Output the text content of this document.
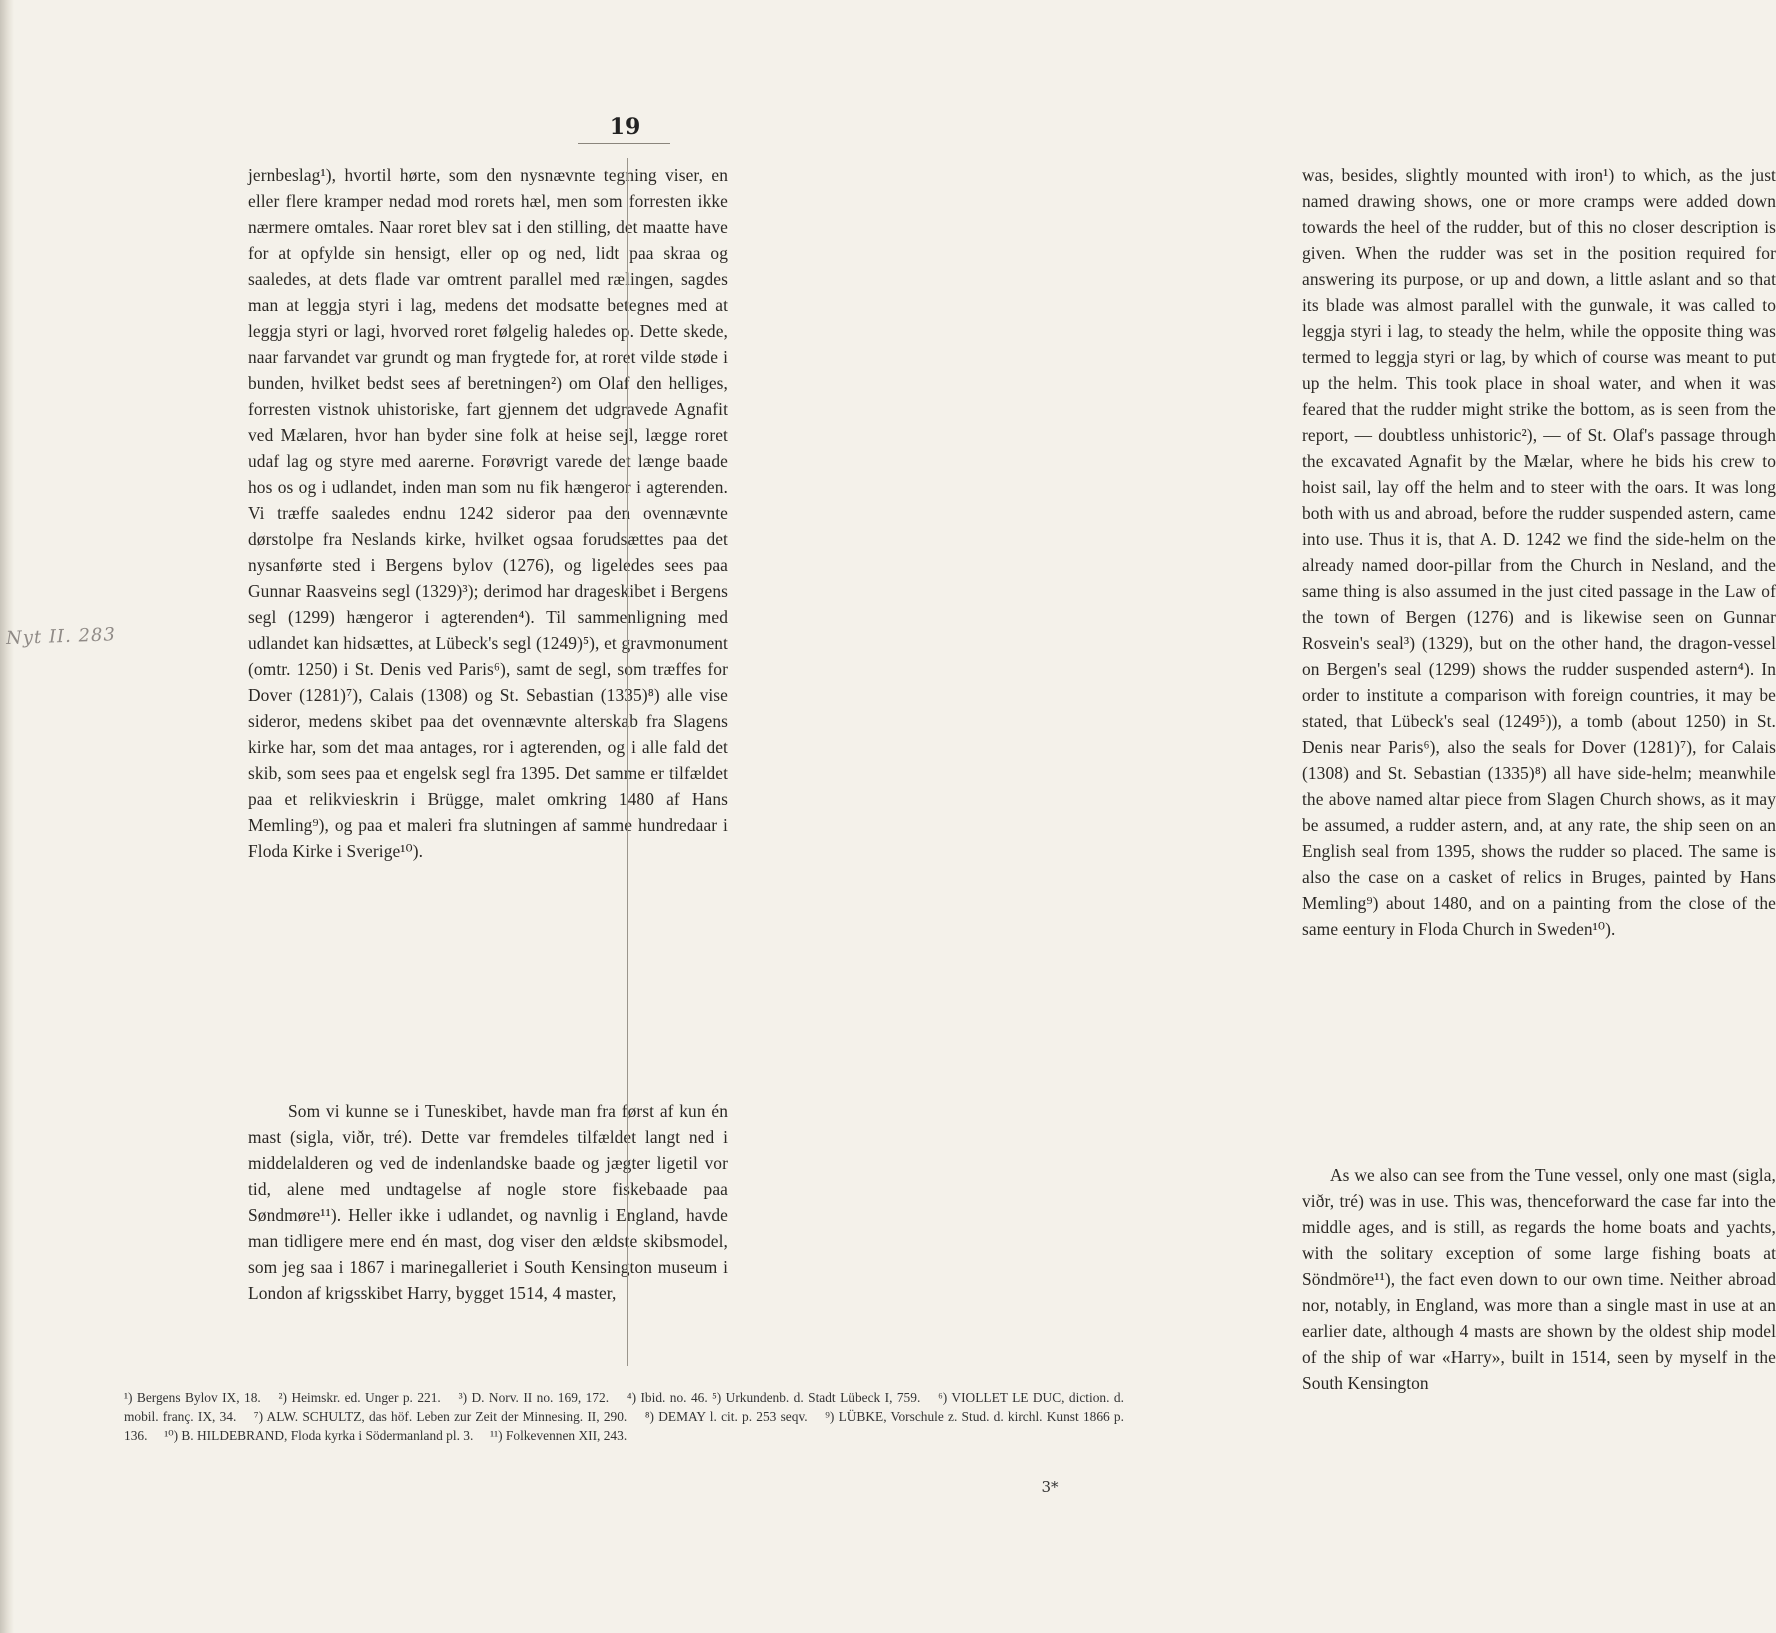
19
Nyt II. 283

jernbeslag¹), hvortil hørte, som den nysnævnte tegning viser, en eller flere kramper nedad mod rorets hæl, men som forresten ikke nærmere omtales. Naar roret blev sat i den stilling, det maatte have for at opfylde sin hensigt, eller op og ned, lidt paa skraa og saaledes, at dets flade var omtrent parallel med rælingen, sagdes man at leggja styri i lag, medens det modsatte betegnes med at leggja styri or lagi, hvorved roret følgelig haledes op. Dette skede, naar farvandet var grundt og man frygtede for, at roret vilde støde i bunden, hvilket bedst sees af beretningen²) om Olaf den helliges, forresten vistnok uhistoriske, fart gjennem det udgravede Agnafit ved Mælaren, hvor han byder sine folk at heise sejl, lægge roret udaf lag og styre med aarerne. Forøvrigt varede det længe baade hos os og i udlandet, inden man som nu fik hængeror i agterenden. Vi træffe saaledes endnu 1242 sideror paa den ovennævnte dørstolpe fra Neslands kirke, hvilket ogsaa forudsættes paa det nysanførte sted i Bergens bylov (1276), og ligeledes sees paa Gunnar Raasveins segl (1329)³); derimod har drageskibet i Bergens segl (1299) hængeror i agterenden⁴). Til sammenligning med udlandet kan hidsættes, at Lübeck's segl (1249)⁵), et gravmonument (omtr. 1250) i St. Denis ved Paris⁶), samt de segl, som træffes for Dover (1281)⁷), Calais (1308) og St. Sebastian (1335)⁸) alle vise sideror, medens skibet paa det ovennævnte alterskab fra Slagens kirke har, som det maa antages, ror i agterenden, og i alle fald det skib, som sees paa et engelsk segl fra 1395. Det samme er tilfældet paa et relikvieskrin i Brügge, malet omkring 1480 af Hans Memling⁹), og paa et maleri fra slutningen af samme hundredaar i Floda Kirke i Sverige¹⁰).

Som vi kunne se i Tuneskibet, havde man fra først af kun én mast (sigla, viðr, tré). Dette var fremdeles tilfældet langt ned i middelalderen og ved de indenlandske baade og jægter ligetil vor tid, alene med undtagelse af nogle store fiskebaade paa Søndmøre¹¹). Heller ikke i udlandet, og navnlig i England, havde man tidligere mere end én mast, dog viser den ældste skibsmodel, som jeg saa i 1867 i marinegalleriet i South Kensington museum i London af krigsskibet Harry, bygget 1514, 4 master,

was, besides, slightly mounted with iron¹) to which, as the just named drawing shows, one or more cramps were added down towards the heel of the rudder, but of this no closer description is given. When the rudder was set in the position required for answering its purpose, or up and down, a little aslant and so that its blade was almost parallel with the gunwale, it was called to leggja styri i lag, to steady the helm, while the opposite thing was termed to leggja styri or lag, by which of course was meant to put up the helm. This took place in shoal water, and when it was feared that the rudder might strike the bottom, as is seen from the report, — doubtless unhistoric²), — of St. Olaf's passage through the excavated Agnafit by the Mælar, where he bids his crew to hoist sail, lay off the helm and to steer with the oars. It was long both with us and abroad, before the rudder suspended astern, came into use. Thus it is, that A. D. 1242 we find the side-helm on the already named door-pillar from the Church in Nesland, and the same thing is also assumed in the just cited passage in the Law of the town of Bergen (1276) and is likewise seen on Gunnar Rosvein's seal³) (1329), but on the other hand, the dragon-vessel on Bergen's seal (1299) shows the rudder suspended astern⁴). In order to institute a comparison with foreign countries, it may be stated, that Lübeck's seal (1249⁵)), a tomb (about 1250) in St. Denis near Paris⁶), also the seals for Dover (1281)⁷), for Calais (1308) and St. Sebastian (1335)⁸) all have side-helm; meanwhile the above named altar piece from Slagen Church shows, as it may be assumed, a rudder astern, and, at any rate, the ship seen on an English seal from 1395, shows the rudder so placed. The same is also the case on a casket of relics in Bruges, painted by Hans Memling⁹) about 1480, and on a painting from the close of the same eentury in Floda Church in Sweden¹⁰).

As we also can see from the Tune vessel, only one mast (sigla, viðr, tré) was in use. This was, thenceforward the case far into the middle ages, and is still, as regards the home boats and yachts, with the solitary exception of some large fishing boats at Söndmöre¹¹), the fact even down to our own time. Neither abroad nor, notably, in England, was more than a single mast in use at an earlier date, although 4 masts are shown by the oldest ship model of the ship of war «Harry», built in 1514, seen by myself in the South Kensington

¹) Bergens Bylov IX, 18.  ²) Heimskr. ed. Unger p. 221.  ³) D. Norv. II no. 169, 172.  ⁴) Ibid. no. 46. ⁵) Urkundenb. d. Stadt Lübeck I, 759.  ⁶) VIOLLET LE DUC, diction. d. mobil. franç. IX, 34.  ⁷) ALW. SCHULTZ, das höf. Leben zur Zeit der Minnesing. II, 290.  ⁸) DEMAY l. cit. p. 253 seqv.  ⁹) LÜBKE, Vorschule z. Stud. d. kirchl. Kunst 1866 p. 136.  ¹⁰) B. HILDEBRAND, Floda kyrka i Södermanland pl. 3.  ¹¹) Folkevennen XII, 243.
3*
